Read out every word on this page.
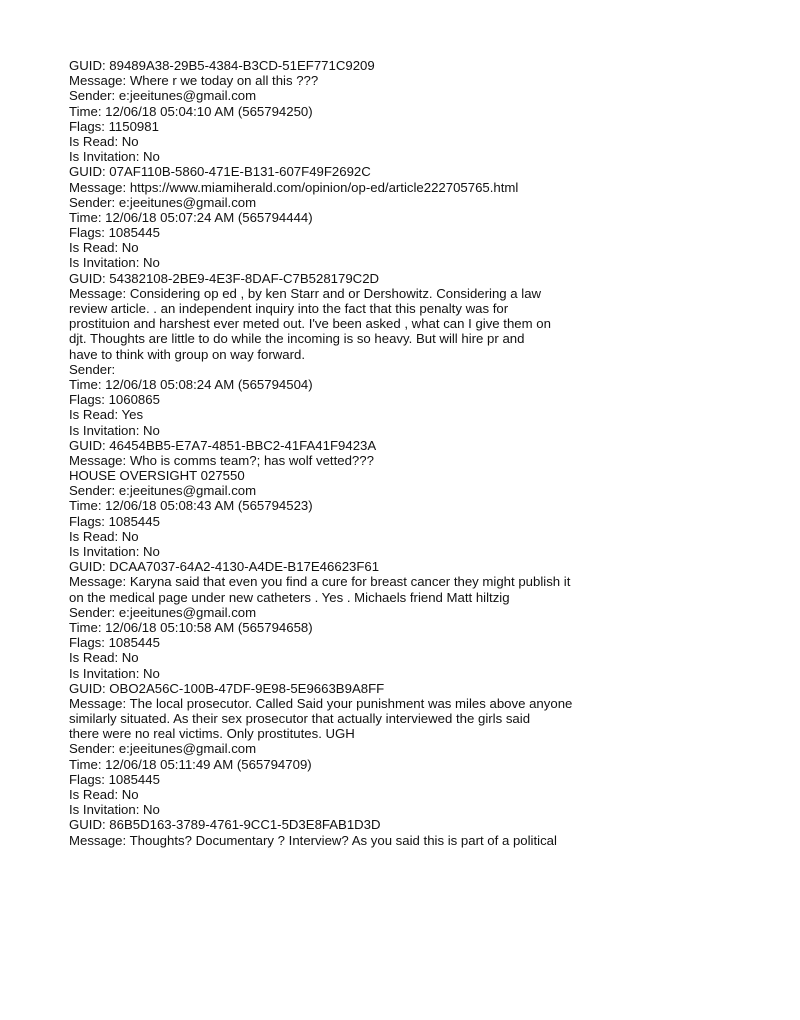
GUID: 89489A38-29B5-4384-B3CD-51EF771C9209
Message: Where r we today on all this ???
Sender: e:jeeitunes@gmail.com
Time: 12/06/18 05:04:10 AM (565794250)
Flags: 1150981
Is Read: No
Is Invitation: No
GUID: 07AF110B-5860-471E-B131-607F49F2692C
Message: https://www.miamiherald.com/opinion/op-ed/article222705765.html
Sender: e:jeeitunes@gmail.com
Time: 12/06/18 05:07:24 AM (565794444)
Flags: 1085445
Is Read: No
Is Invitation: No
GUID: 54382108-2BE9-4E3F-8DAF-C7B528179C2D
Message: Considering op ed , by ken Starr and or Dershowitz. Considering a law
review article. . an independent inquiry into the fact that this penalty was for
prostituion and harshest ever meted out. I've been asked , what can I give them on
djt. Thoughts are little to do while the incoming is so heavy. But will hire pr and
have to think with group on way forward.
Sender:
Time: 12/06/18 05:08:24 AM (565794504)
Flags: 1060865
Is Read: Yes
Is Invitation: No
GUID: 46454BB5-E7A7-4851-BBC2-41FA41F9423A
Message: Who is comms team?; has wolf vetted???
HOUSE OVERSIGHT 027550
Sender: e:jeeitunes@gmail.com
Time: 12/06/18 05:08:43 AM (565794523)
Flags: 1085445
Is Read: No
Is Invitation: No
GUID: DCAA7037-64A2-4130-A4DE-B17E46623F61
Message: Karyna said that even you find a cure for breast cancer they might publish it
on the medical page under new catheters . Yes . Michaels friend Matt hiltzig
Sender: e:jeeitunes@gmail.com
Time: 12/06/18 05:10:58 AM (565794658)
Flags: 1085445
Is Read: No
Is Invitation: No
GUID: OBO2A56C-100B-47DF-9E98-5E9663B9A8FF
Message: The local prosecutor. Called Said your punishment was miles above anyone
similarly situated. As their sex prosecutor that actually interviewed the girls said
there were no real victims. Only prostitutes. UGH
Sender: e:jeeitunes@gmail.com
Time: 12/06/18 05:11:49 AM (565794709)
Flags: 1085445
Is Read: No
Is Invitation: No
GUID: 86B5D163-3789-4761-9CC1-5D3E8FAB1D3D
Message: Thoughts? Documentary ? Interview? As you said this is part of a political
